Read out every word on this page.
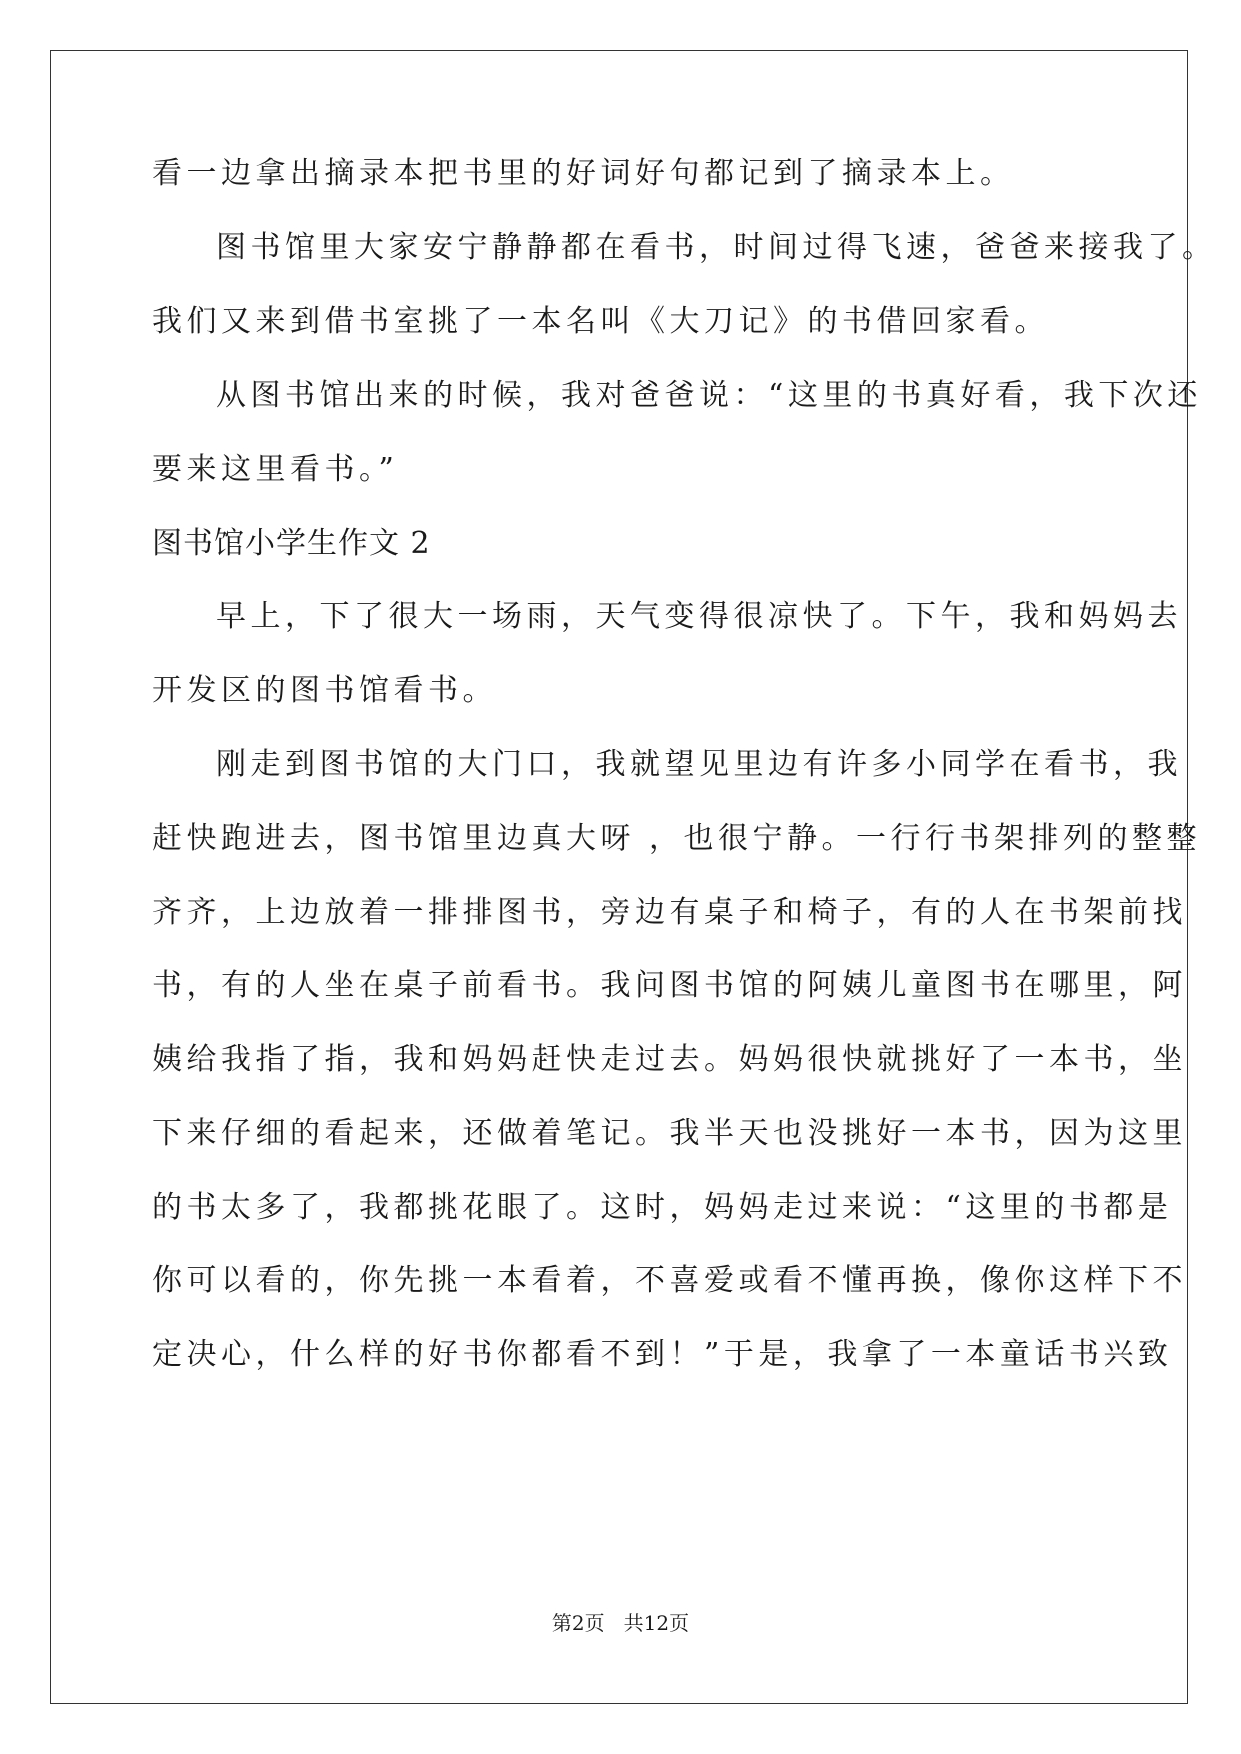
看一边拿出摘录本把书里的好词好句都记到了摘录本上。
图书馆里大家安宁静静都在看书，时间过得飞速，爸爸来接我了。
我们又来到借书室挑了一本名叫《大刀记》的书借回家看。
从图书馆出来的时候，我对爸爸说：“这里的书真好看，我下次还
要来这里看书。”
图书馆小学生作文 2
早上，下了很大一场雨，天气变得很凉快了。下午，我和妈妈去
开发区的图书馆看书。
刚走到图书馆的大门口，我就望见里边有许多小同学在看书，我
赶快跑进去，图书馆里边真大呀 ，也很宁静。一行行书架排列的整整
齐齐，上边放着一排排图书，旁边有桌子和椅子，有的人在书架前找
书，有的人坐在桌子前看书。我问图书馆的阿姨儿童图书在哪里，阿
姨给我指了指，我和妈妈赶快走过去。妈妈很快就挑好了一本书，坐
下来仔细的看起来，还做着笔记。我半天也没挑好一本书，因为这里
的书太多了，我都挑花眼了。这时，妈妈走过来说：“这里的书都是
你可以看的，你先挑一本看着，不喜爱或看不懂再换，像你这样下不
定决心，什么样的好书你都看不到！”于是，我拿了一本童话书兴致
第2页   共12页
